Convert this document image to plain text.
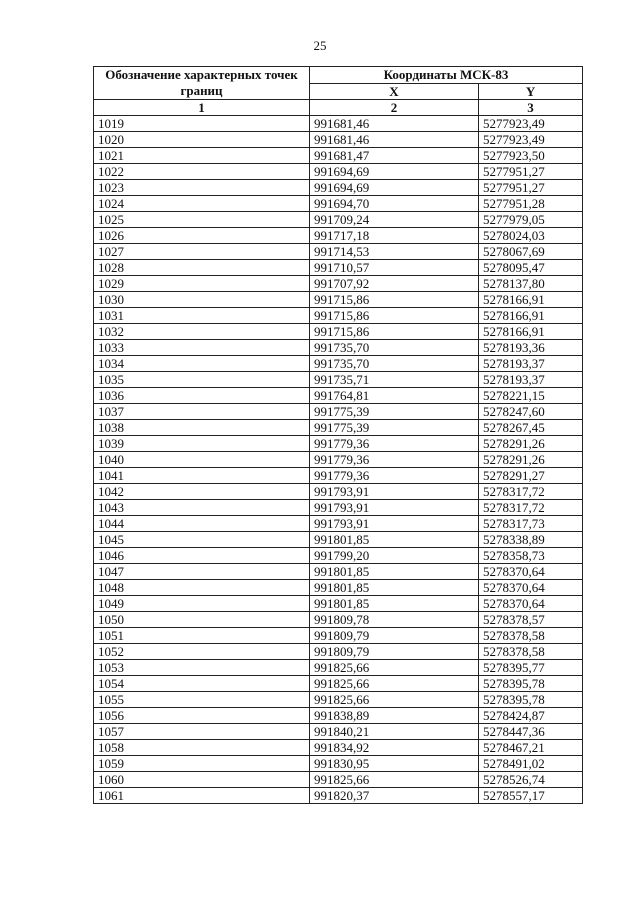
25
Обозначение характерных точек границ	Координаты МСК-83	
	X	Y
1	2	3
1019	991681,46	5277923,49
1020	991681,46	5277923,49
1021	991681,47	5277923,50
1022	991694,69	5277951,27
1023	991694,69	5277951,27
1024	991694,70	5277951,28
1025	991709,24	5277979,05
1026	991717,18	5278024,03
1027	991714,53	5278067,69
1028	991710,57	5278095,47
1029	991707,92	5278137,80
1030	991715,86	5278166,91
1031	991715,86	5278166,91
1032	991715,86	5278166,91
1033	991735,70	5278193,36
1034	991735,70	5278193,37
1035	991735,71	5278193,37
1036	991764,81	5278221,15
1037	991775,39	5278247,60
1038	991775,39	5278267,45
1039	991779,36	5278291,26
1040	991779,36	5278291,26
1041	991779,36	5278291,27
1042	991793,91	5278317,72
1043	991793,91	5278317,72
1044	991793,91	5278317,73
1045	991801,85	5278338,89
1046	991799,20	5278358,73
1047	991801,85	5278370,64
1048	991801,85	5278370,64
1049	991801,85	5278370,64
1050	991809,78	5278378,57
1051	991809,79	5278378,58
1052	991809,79	5278378,58
1053	991825,66	5278395,77
1054	991825,66	5278395,78
1055	991825,66	5278395,78
1056	991838,89	5278424,87
1057	991840,21	5278447,36
1058	991834,92	5278467,21
1059	991830,95	5278491,02
1060	991825,66	5278526,74
1061	991820,37	5278557,17
